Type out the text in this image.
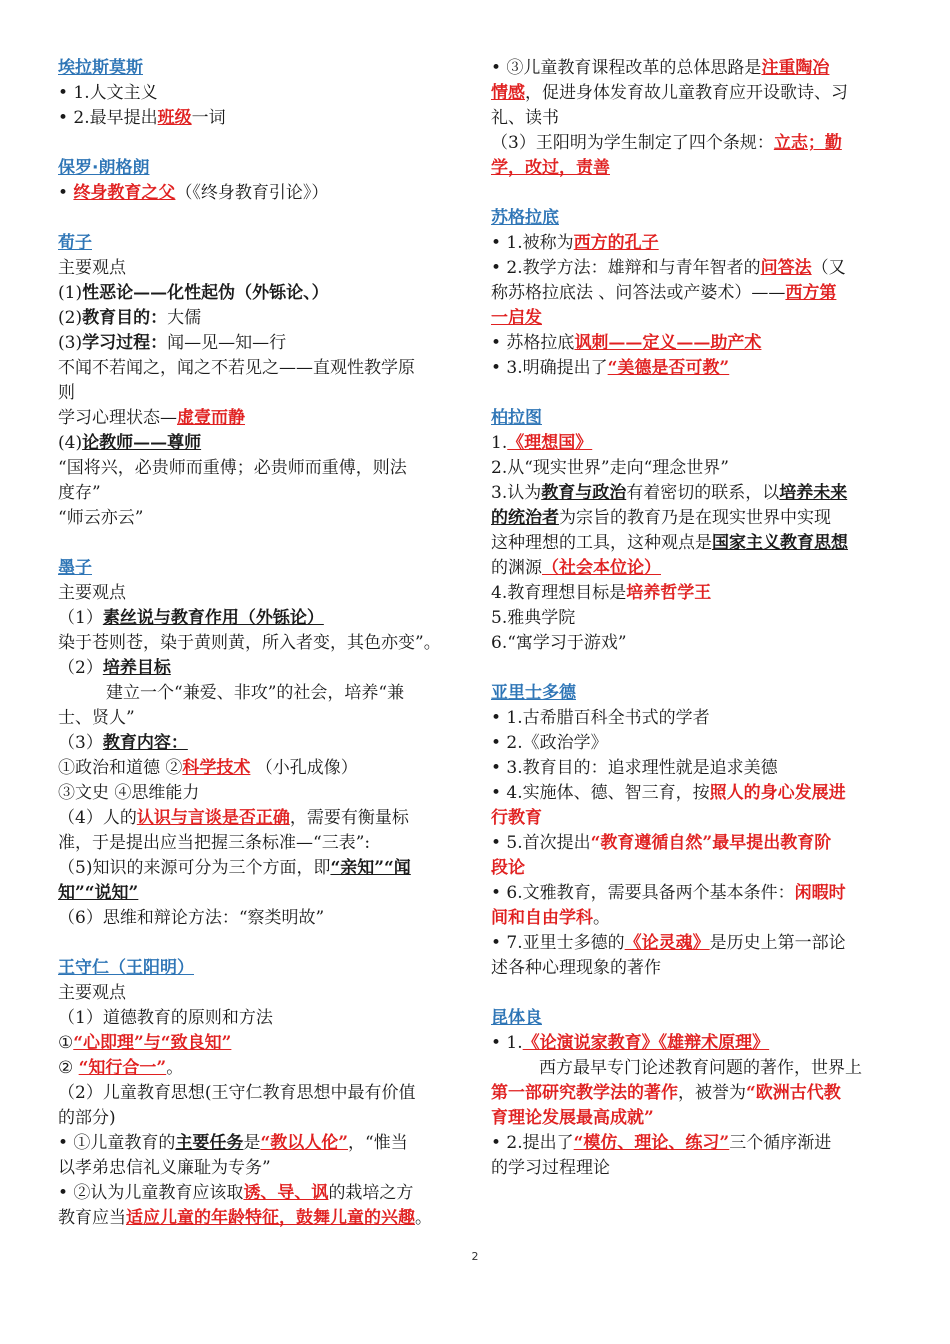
埃拉斯莫斯
• 1.人文主义
• 2.最早提出班级一词
保罗·朗格朗
• 终身教育之父（《终身教育引论》）
荀子
主要观点
(1)性恶论——化性起伪（外铄论、）
(2)教育目的：大儒
(3)学习过程：闻—见—知—行
不闻不若闻之，闻之不若见之——直观性教学原
则
学习心理状态—虚壹而静
(4)论教师——尊师
“国将兴，必贵师而重傅；必贵师而重傅，则法
度存”
“师云亦云”
墨子
主要观点
（1）素丝说与教育作用（外铄论）
染于苍则苍，染于黄则黄，所入者变，其色亦变”。
（2）培养目标
建立一个“兼爱、非攻”的社会，培养“兼
士、贤人”
（3）教育内容：
①政治和道德 ②科学技术 （小孔成像）
③文史 ④思维能力
（4）人的认识与言谈是否正确，需要有衡量标
准，于是提出应当把握三条标准—“三表”:
（5)知识的来源可分为三个方面，即“亲知”“闻
知”“说知”
（6）思维和辩论方法：“察类明故”
王守仁（王阳明）
主要观点
（1）道德教育的原则和方法
①“心即理”与“致良知”
② “知行合一”。
（2）儿童教育思想(王守仁教育思想中最有价值
的部分)
• ①儿童教育的主要任务是“教以人伦”，“惟当
以孝弟忠信礼义廉耻为专务”
• ②认为儿童教育应该取诱、导、讽的栽培之方
教育应当适应儿童的年龄特征，鼓舞儿童的兴趣。
• ③儿童教育课程改革的总体思路是注重陶冶
情感，促进身体发育故儿童教育应开设歌诗、习
礼、读书
（3）王阳明为学生制定了四个条规：立志；勤
学，改过，责善
苏格拉底
• 1.被称为西方的孔子
• 2.教学方法：雄辩和与青年智者的问答法（又
称苏格拉底法 、问答法或产婆术）——西方第
一启发
• 苏格拉底讽刺——定义——助产术
• 3.明确提出了“美德是否可教”
柏拉图
1.《理想国》
2.从“现实世界”走向“理念世界”
3.认为教育与政治有着密切的联系，以培养未来
的统治者为宗旨的教育乃是在现实世界中实现
这种理想的工具，这种观点是国家主义教育思想
的渊源（社会本位论）
4.教育理想目标是培养哲学王
5.雅典学院
6.“寓学习于游戏”
亚里士多德
• 1.古希腊百科全书式的学者
• 2.《政治学》
• 3.教育目的：追求理性就是追求美德
• 4.实施体、德、智三育，按照人的身心发展进
行教育
• 5.首次提出“教育遵循自然”最早提出教育阶
段论
• 6.文雅教育，需要具备两个基本条件：闲暇时
间和自由学科。
• 7.亚里士多德的《论灵魂》是历史上第一部论
述各种心理现象的著作
昆体良
• 1.《论演说家教育》《雄辩术原理》
西方最早专门论述教育问题的著作，世界上
第一部研究教学法的著作，被誉为“欧洲古代教
育理论发展最高成就”
• 2.提出了“模仿、理论、练习”三个循序渐进
的学习过程理论
2
